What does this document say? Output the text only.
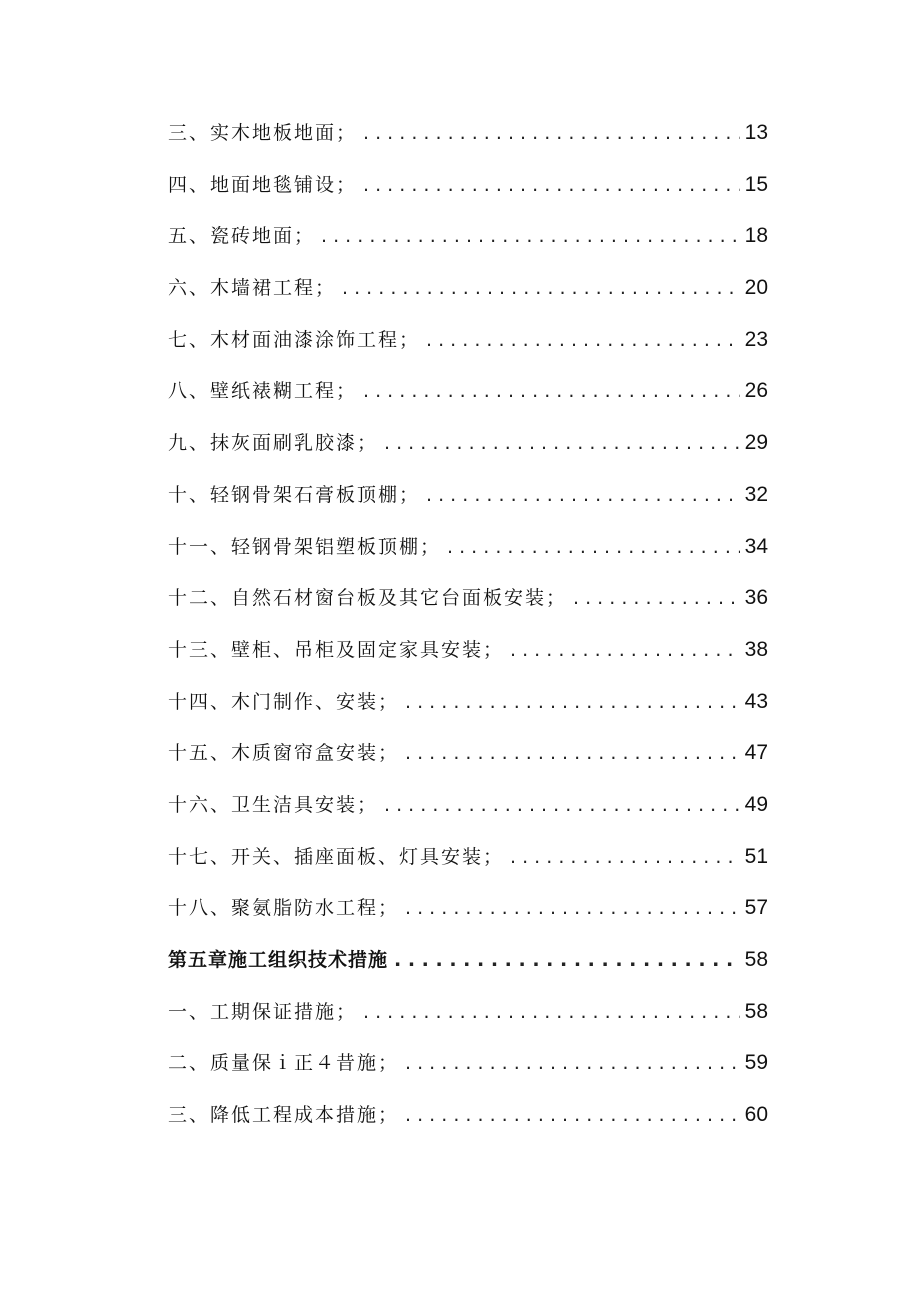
三、实木地板地面； . . .	13
四、地面地毯铺设； . . .	15
五、瓷砖地面； . . .	18
六、木墙裙工程； . . .	20
七、木材面油漆涂饰工程； . . .	23
八、壁纸裱糊工程； . . .	26
九、抹灰面刷乳胶漆； . . .	29
十、轻钢骨架石膏板顶棚； . . .	32
十一、轻钢骨架铝塑板顶棚； . . .	34
十二、自然石材窗台板及其它台面板安装； . . .	36
十三、壁柜、吊柜及固定家具安装； . . .	38
十四、木门制作、安装； . . .	43
十五、木质窗帘盒安装； . . .	47
十六、卫生洁具安装； . . .	49
十七、开关、插座面板、灯具安装； . . .	51
十八、聚氨脂防水工程； . . .	57
第五章施工组织技术措施 . . .	58
一、工期保证措施； . . .	58
二、质量保ｉ正４昔施； . . .	59
三、降低工程成本措施； . . .	60
